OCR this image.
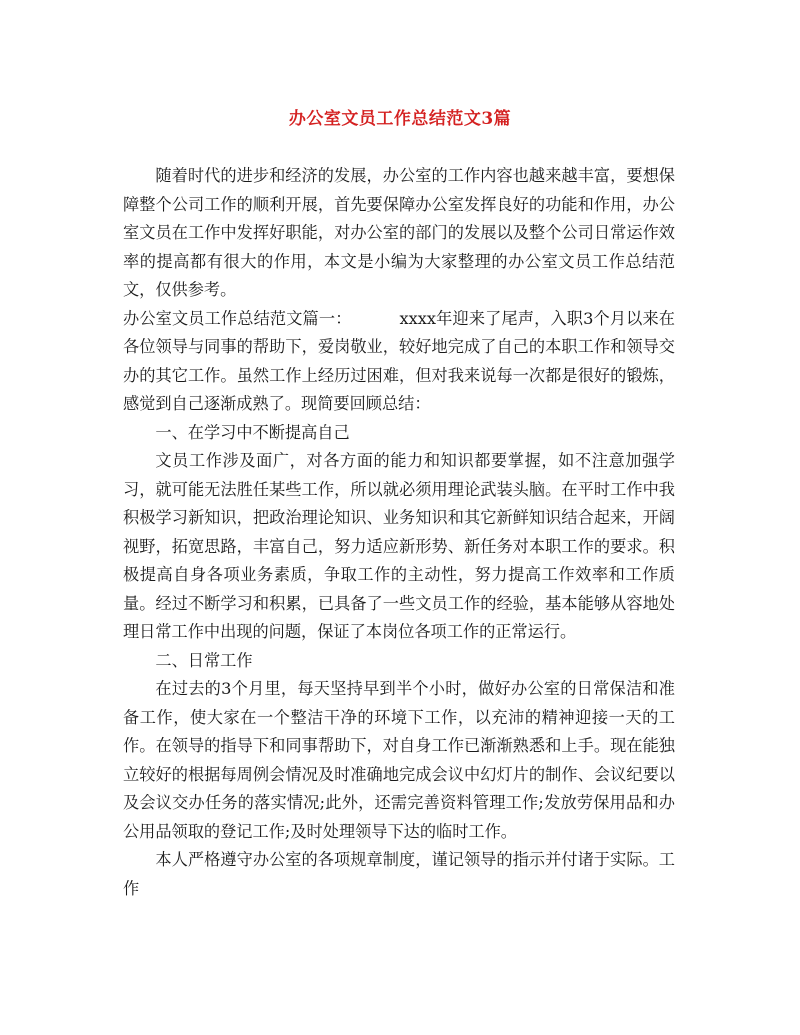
办公室文员工作总结范文3篇

随着时代的进步和经济的发展，办公室的工作内容也越来越丰富，要想保障整个公司工作的顺利开展，首先要保障办公室发挥良好的功能和作用，办公室文员在工作中发挥好职能，对办公室的部门的发展以及整个公司日常运作效率的提高都有很大的作用，本文是小编为大家整理的办公室文员工作总结范文，仅供参考。

办公室文员工作总结范文篇一：	xxxx年迎来了尾声，入职3个月以来在各位领导与同事的帮助下，爱岗敬业，较好地完成了自己的本职工作和领导交办的其它工作。虽然工作上经历过困难，但对我来说每一次都是很好的锻炼，感觉到自己逐渐成熟了。现简要回顾总结：

一、在学习中不断提高自己

文员工作涉及面广，对各方面的能力和知识都要掌握，如不注意加强学习，就可能无法胜任某些工作，所以就必须用理论武装头脑。在平时工作中我积极学习新知识，把政治理论知识、业务知识和其它新鲜知识结合起来，开阔视野，拓宽思路，丰富自己，努力适应新形势、新任务对本职工作的要求。积极提高自身各项业务素质，争取工作的主动性，努力提高工作效率和工作质量。经过不断学习和积累，已具备了一些文员工作的经验，基本能够从容地处理日常工作中出现的问题，保证了本岗位各项工作的正常运行。

二、日常工作

在过去的3个月里，每天坚持早到半个小时，做好办公室的日常保洁和准备工作，使大家在一个整洁干净的环境下工作，以充沛的精神迎接一天的工作。在领导的指导下和同事帮助下，对自身工作已渐渐熟悉和上手。现在能独立较好的根据每周例会情况及时准确地完成会议中幻灯片的制作、会议纪要以及会议交办任务的落实情况;此外，还需完善资料管理工作;发放劳保用品和办公用品领取的登记工作;及时处理领导下达的临时工作。

本人严格遵守办公室的各项规章制度，谨记领导的指示并付诸于实际。工作
